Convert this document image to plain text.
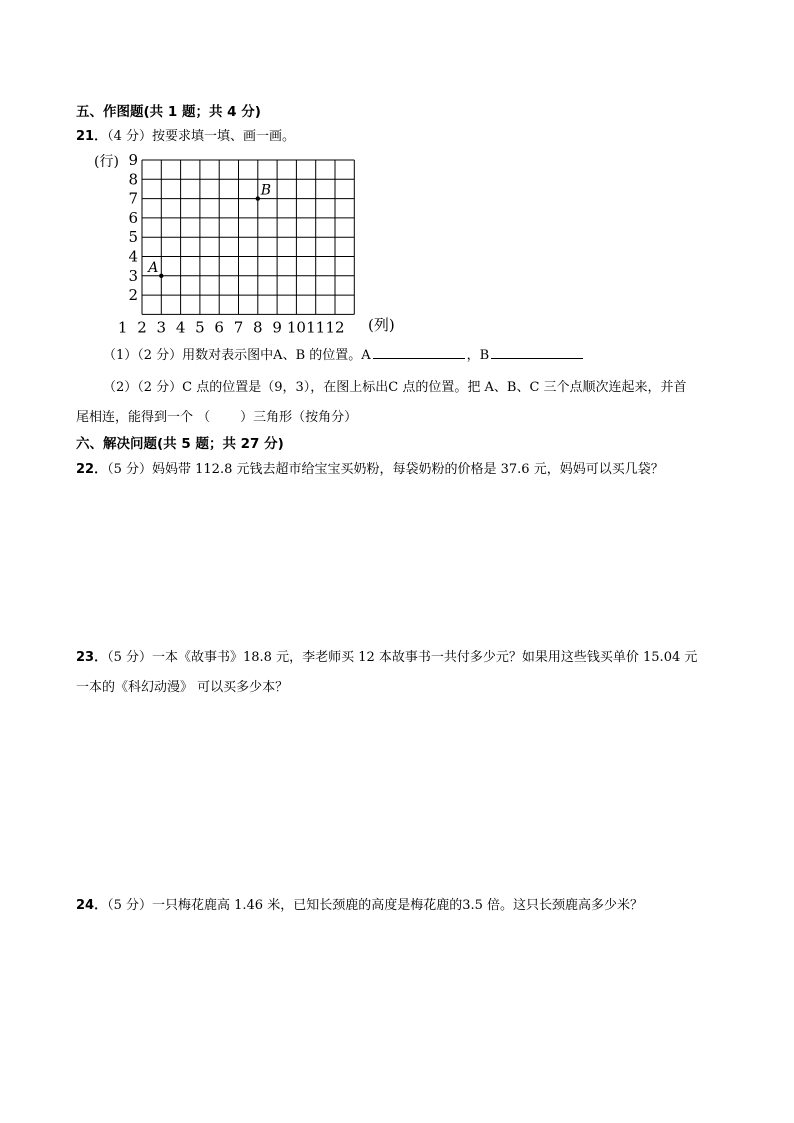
五、作图题(共 1 题；共 4 分)
21．（4 分）按要求填一填、画一画。
9
8
7
6
5
4
3
2
1 2 3 4 5 6 7 8 9 10 11 12
(行)
(列)
A
B
（1）（2 分）用数对表示图中A、B 的位置。A	，B
（2）（2 分）C 点的位置是（9，3），在图上标出C 点的位置。把 A、B、C 三个点顺次连起来，并首
尾相连，能得到一个 （ ）三角形（按角分）
六、解决问题(共 5 题；共 27 分)
22．（5 分）妈妈带 112.8 元钱去超市给宝宝买奶粉，每袋奶粉的价格是 37.6 元，妈妈可以买几袋？
23．（5 分）一本《故事书》18.8 元，李老师买 12 本故事书一共付多少元？如果用这些钱买单价 15.04 元
一本的《科幻动漫》 可以买多少本？
24．（5 分）一只梅花鹿高 1.46 米，已知长颈鹿的高度是梅花鹿的3.5 倍。这只长颈鹿高多少米？
